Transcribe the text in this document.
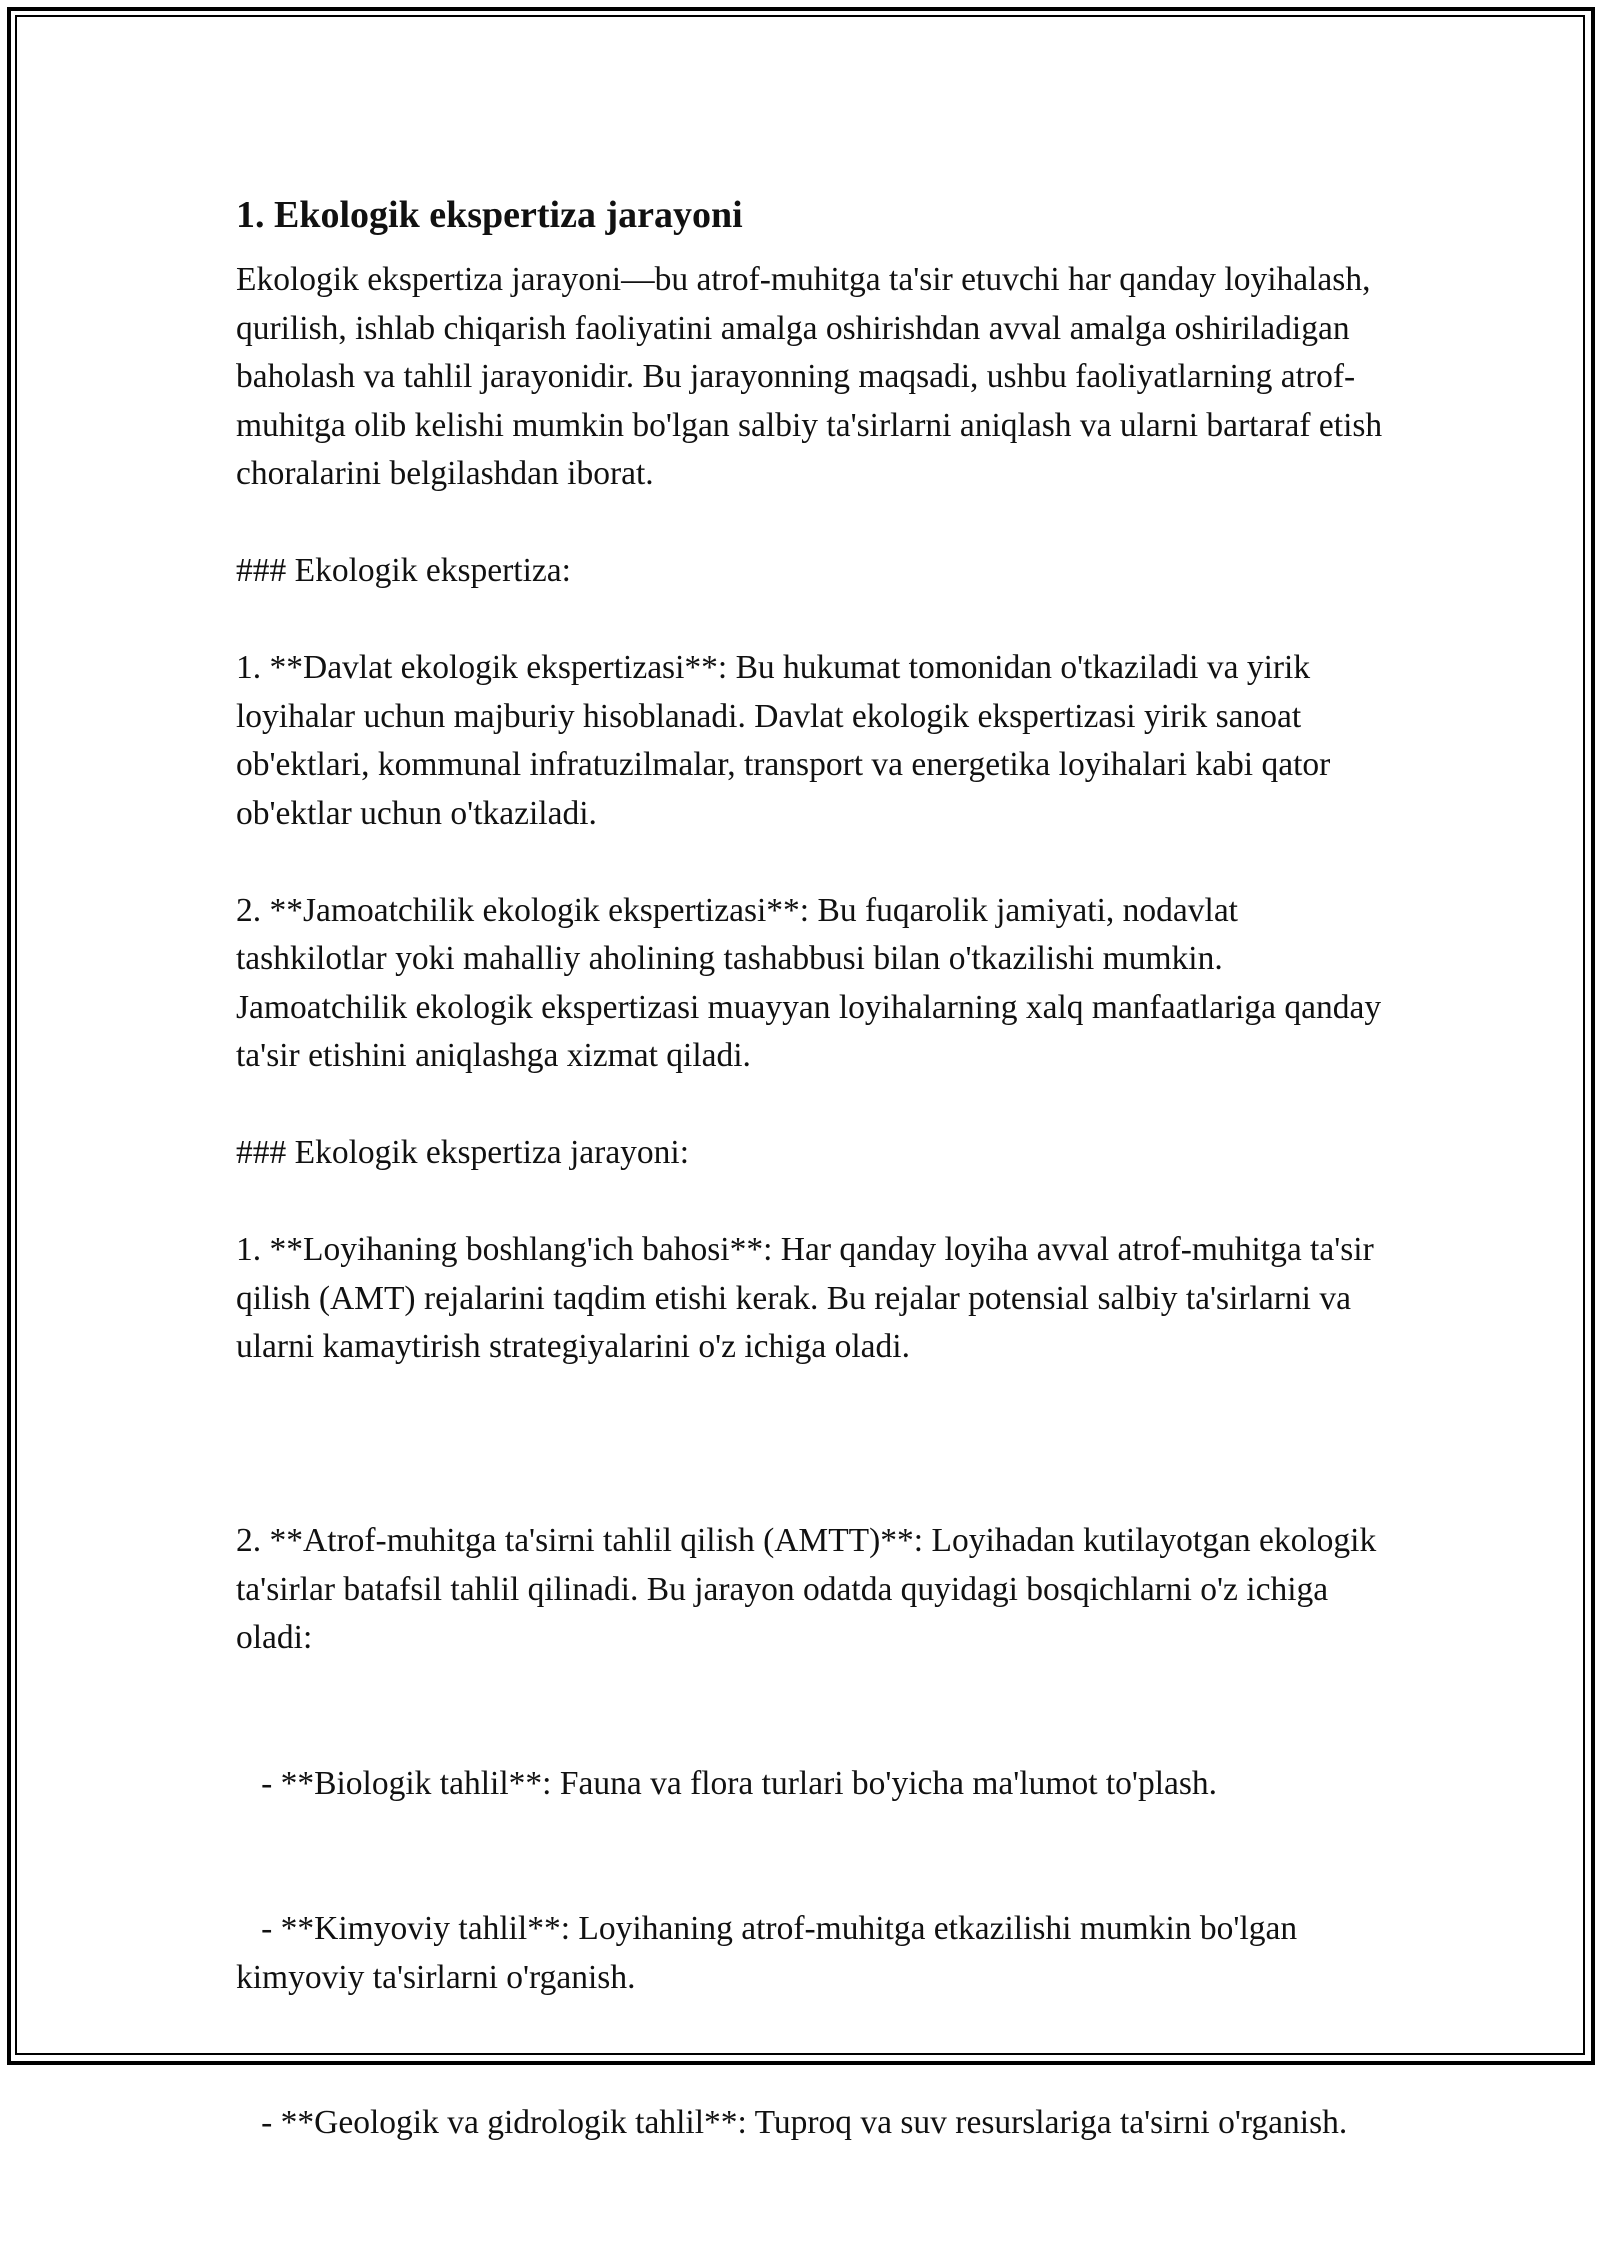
1. Ekologik ekspertiza jarayoni

Ekologik ekspertiza jarayoni—bu atrof-muhitga ta'sir etuvchi har qanday loyihalash, qurilish, ishlab chiqarish faoliyatini amalga oshirishdan avval amalga oshiriladigan baholash va tahlil jarayonidir. Bu jarayonning maqsadi, ushbu faoliyatlarning atrof-muhitga olib kelishi mumkin bo'lgan salbiy ta'sirlarni aniqlash va ularni bartaraf etish choralarini belgilashdan iborat.

### Ekologik ekspertiza:

1. **Davlat ekologik ekspertizasi**: Bu hukumat tomonidan o'tkaziladi va yirik loyihalar uchun majburiy hisoblanadi. Davlat ekologik ekspertizasi yirik sanoat ob'ektlari, kommunal infratuzilmalar, transport va energetika loyihalari kabi qator ob'ektlar uchun o'tkaziladi.

2. **Jamoatchilik ekologik ekspertizasi**: Bu fuqarolik jamiyati, nodavlat tashkilotlar yoki mahalliy aholining tashabbusi bilan o'tkazilishi mumkin. Jamoatchilik ekologik ekspertizasi muayyan loyihalarning xalq manfaatlariga qanday ta'sir etishini aniqlashga xizmat qiladi.

### Ekologik ekspertiza jarayoni:

1. **Loyihaning boshlang'ich bahosi**: Har qanday loyiha avval atrof-muhitga ta'sir qilish (AMT) rejalarini taqdim etishi kerak. Bu rejalar potensial salbiy ta'sirlarni va ularni kamaytirish strategiyalarini o'z ichiga oladi.

2. **Atrof-muhitga ta'sirni tahlil qilish (AMTT)**: Loyihadan kutilayotgan ekologik ta'sirlar batafsil tahlil qilinadi. Bu jarayon odatda quyidagi bosqichlarni o'z ichiga oladi:

- **Biologik tahlil**: Fauna va flora turlari bo'yicha ma'lumot to'plash.

- **Kimyoviy tahlil**: Loyihaning atrof-muhitga etkazilishi mumkin bo'lgan kimyoviy ta'sirlarni o'rganish.

- **Geologik va gidrologik tahlil**: Tuproq va suv resurslariga ta'sirni o'rganish.
